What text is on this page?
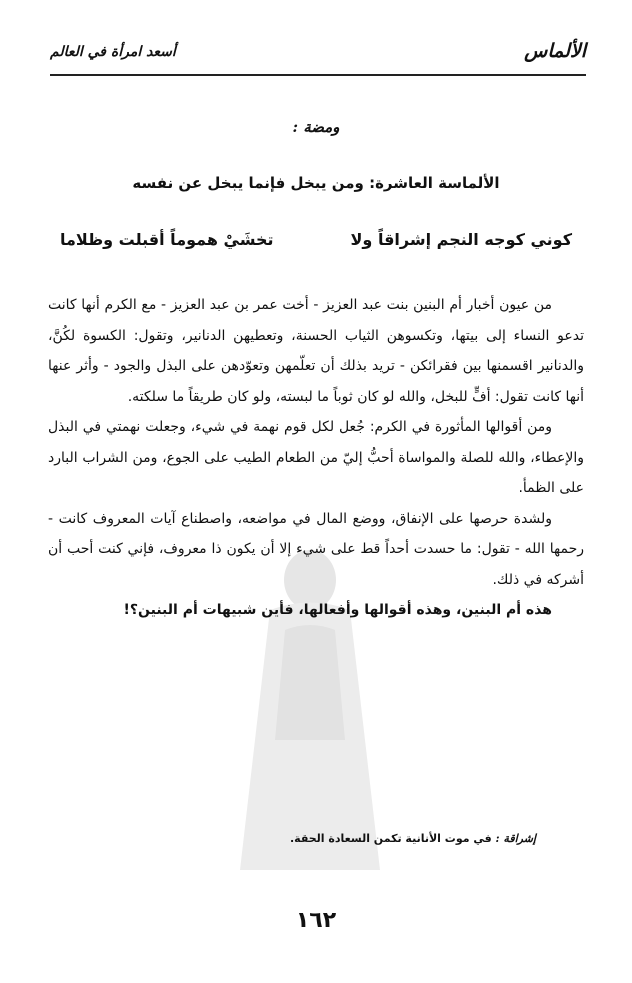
الألماس
أسعد امرأة في العالم
ومضة :
الألماسة العاشرة: ومن يبخل فإنما يبخل عن نفسه
كوني كوجه النجم إشراقاً ولا
تخشَيْ هموماً أقبلت وظلاما

من عيون أخبار أم البنين بنت عبد العزيز - أخت عمر بن عبد العزيز - مع الكرم أنها كانت تدعو النساء إلى بيتها، وتكسوهن الثياب الحسنة، وتعطيهن الدنانير، وتقول: الكسوة لكُنَّ، والدنانير اقسمنها بين فقرائكن - تريد بذلك أن تعلّمهن وتعوّدهن على البذل والجود - وأثر عنها أنها كانت تقول: أفٍّ للبخل، والله لو كان ثوباً ما لبسته، ولو كان طريقاً ما سلكته.

ومن أقوالها المأثورة في الكرم: جُعل لكل قوم نهمة في شيء، وجعلت نهمتي في البذل والإعطاء، والله للصلة والمواساة أحبُّ إليّ من الطعام الطيب على الجوع، ومن الشراب البارد على الظمأ.

ولشدة حرصها على الإنفاق، ووضع المال في مواضعه، واصطناع آيات المعروف كانت - رحمها الله - تقول: ما حسدت أحداً قط على شيء إلا أن يكون ذا معروف، فإني كنت أحب أن أشركه في ذلك.

هذه أم البنين، وهذه أقوالها وأفعالها، فأين شبيهات أم البنين؟!

إشراقة : في موت الأنانية تكمن السعادة الحقة.
١٦٢
